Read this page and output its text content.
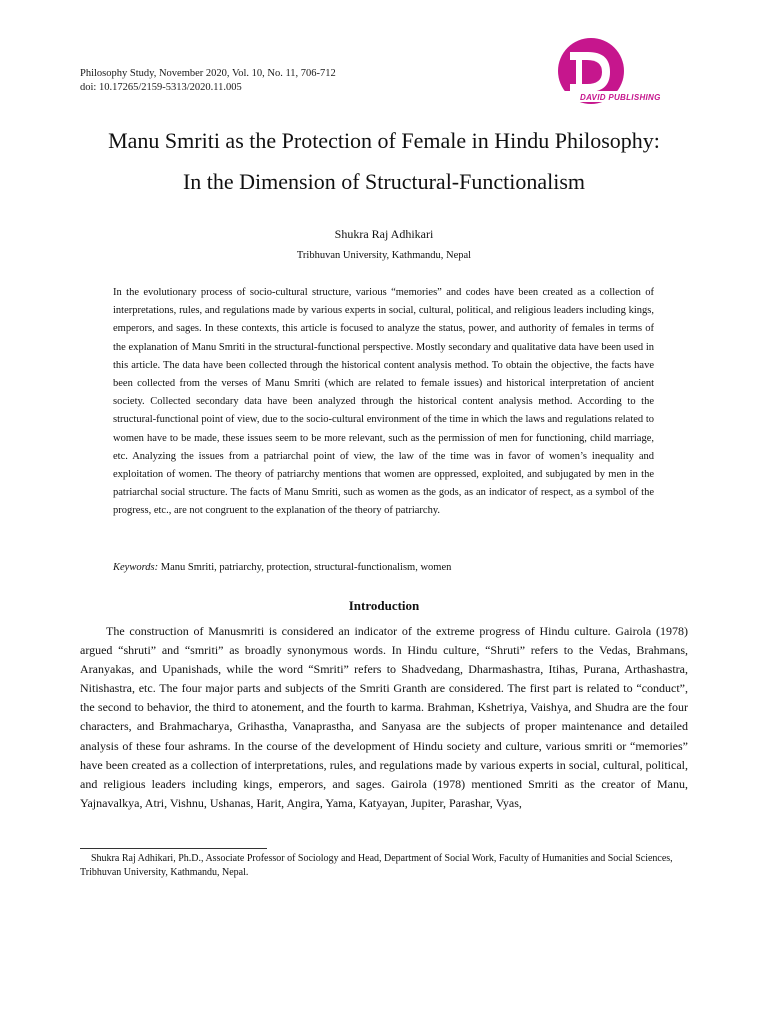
Philosophy Study, November 2020, Vol. 10, No. 11, 706-712
doi: 10.17265/2159-5313/2020.11.005
DAVID PUBLISHING
Manu Smriti as the Protection of Female in Hindu Philosophy:
In the Dimension of Structural-Functionalism
Shukra Raj Adhikari
Tribhuvan University, Kathmandu, Nepal

In the evolutionary process of socio-cultural structure, various “memories” and codes have been created as a collection of interpretations, rules, and regulations made by various experts in social, cultural, political, and religious leaders including kings, emperors, and sages. In these contexts, this article is focused to analyze the status, power, and authority of females in terms of the explanation of Manu Smriti in the structural-functional perspective. Mostly secondary and qualitative data have been used in this article. The data have been collected through the historical content analysis method. To obtain the objective, the facts have been collected from the verses of Manu Smriti (which are related to female issues) and historical interpretation of ancient society. Collected secondary data have been analyzed through the historical content analysis method. According to the structural-functional point of view, due to the socio-cultural environment of the time in which the laws and regulations related to women have to be made, these issues seem to be more relevant, such as the permission of men for functioning, child marriage, etc. Analyzing the issues from a patriarchal point of view, the law of the time was in favor of women’s inequality and exploitation of women. The theory of patriarchy mentions that women are oppressed, exploited, and subjugated by men in the patriarchal social structure. The facts of Manu Smriti, such as women as the gods, as an indicator of respect, as a symbol of the progress, etc., are not congruent to the explanation of the theory of patriarchy.

Keywords: Manu Smriti, patriarchy, protection, structural-functionalism, women
Introduction

The construction of Manusmriti is considered an indicator of the extreme progress of Hindu culture. Gairola (1978) argued “shruti” and “smriti” as broadly synonymous words. In Hindu culture, “Shruti” refers to the Vedas, Brahmans, Aranyakas, and Upanishads, while the word “Smriti” refers to Shadvedang, Dharmashastra, Itihas, Purana, Arthashastra, Nitishastra, etc. The four major parts and subjects of the Smriti Granth are considered. The first part is related to “conduct”, the second to behavior, the third to atonement, and the fourth to karma. Brahman, Kshetriya, Vaishya, and Shudra are the four characters, and Brahmacharya, Grihastha, Vanaprastha, and Sanyasa are the subjects of proper maintenance and detailed analysis of these four ashrams. In the course of the development of Hindu society and culture, various smriti or “memories” have been created as a collection of interpretations, rules, and regulations made by various experts in social, cultural, political, and religious leaders including kings, emperors, and sages. Gairola (1978) mentioned Smriti as the creator of Manu, Yajnavalkya, Atri, Vishnu, Ushanas, Harit, Angira, Yama, Katyayan, Jupiter, Parashar, Vyas,

Shukra Raj Adhikari, Ph.D., Associate Professor of Sociology and Head, Department of Social Work, Faculty of Humanities and Social Sciences, Tribhuvan University, Kathmandu, Nepal.
